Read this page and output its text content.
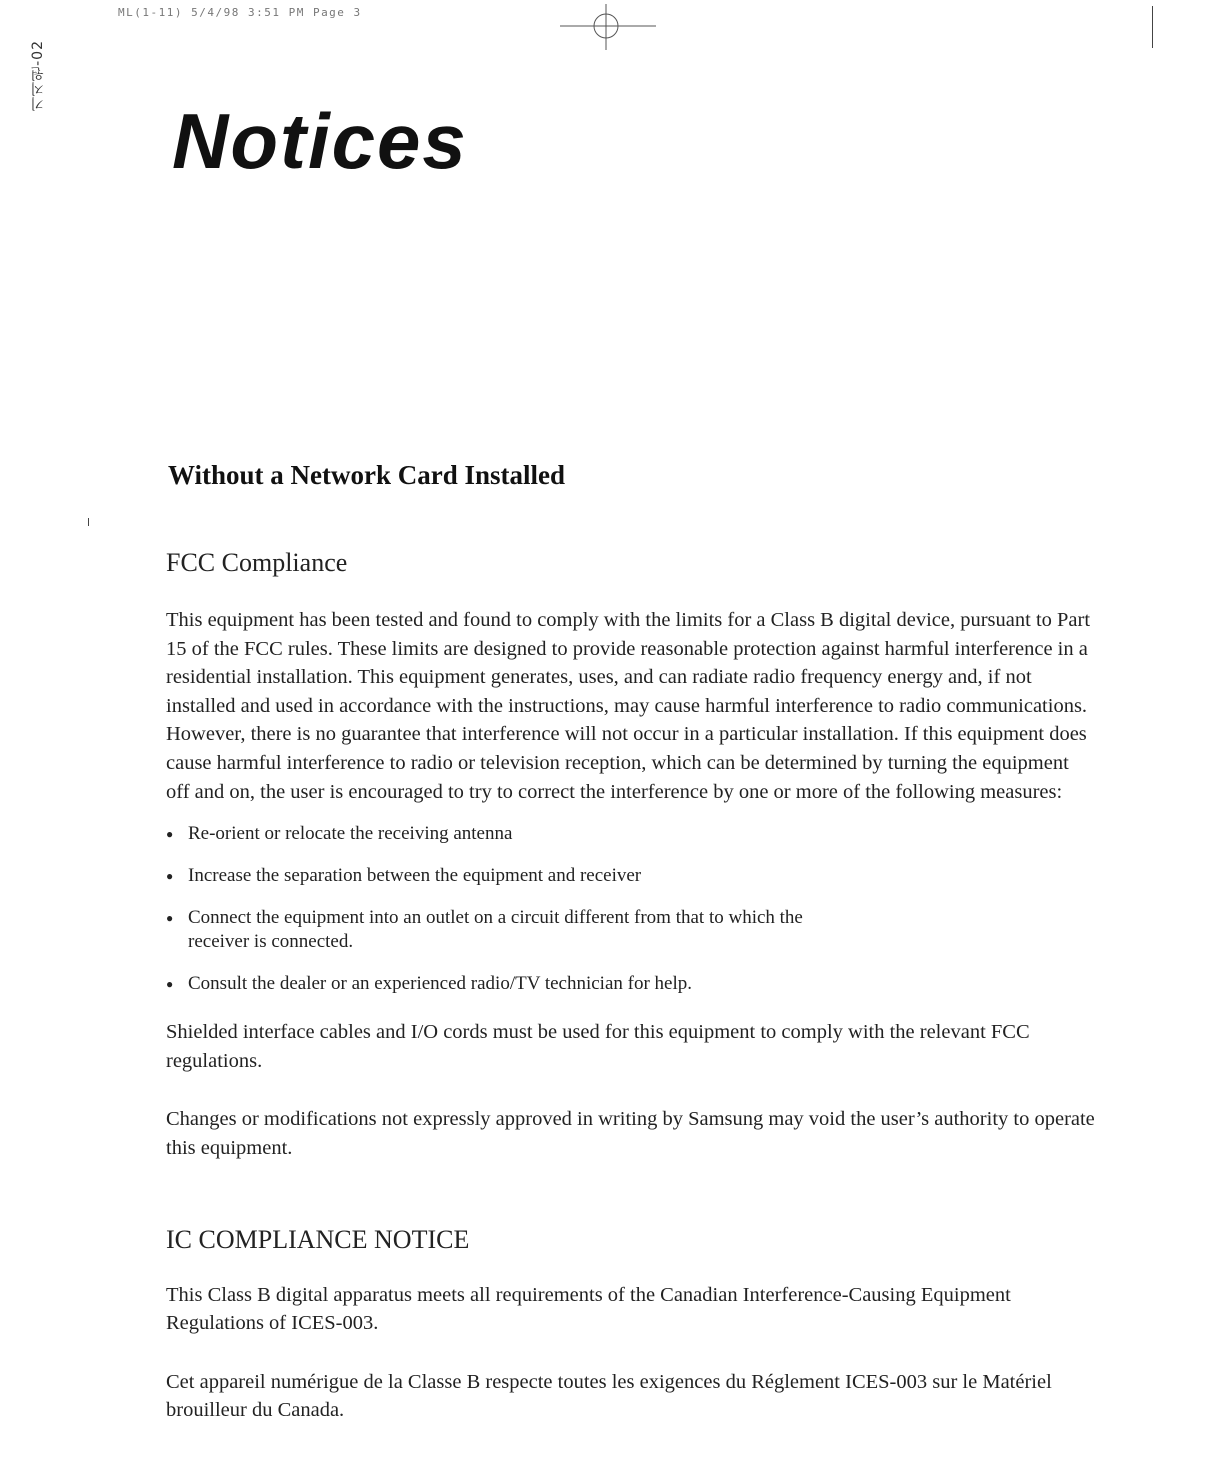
ML(1-11) 5/4/98 3:51 PM Page 3
기지원-02
Notices
Without a Network Card Installed
FCC Compliance

This equipment has been tested and found to comply with the limits for a Class B digital device, pursuant to Part 15 of the FCC rules. These limits are designed to provide reasonable protection against harmful interference in a residential installation. This equipment generates, uses, and can radiate radio frequency energy and, if not installed and used in accordance with the instructions, may cause harmful interference to radio communications. However, there is no guarantee that interference will not occur in a particular installation. If this equipment does cause harmful interference to radio or television reception, which can be determined by turning the equipment off and on, the user is encouraged to try to correct the interference by one or more of the following measures:

● Re-orient or relocate the receiving antenna
● Increase the separation between the equipment and receiver
● Connect the equipment into an outlet on a circuit different from that to which the receiver is connected.
● Consult the dealer or an experienced radio/TV technician for help.

Shielded interface cables and I/O cords must be used for this equipment to comply with the relevant FCC regulations.

Changes or modifications not expressly approved in writing by Samsung may void the user’s authority to operate this equipment.

IC COMPLIANCE NOTICE

This Class B digital apparatus meets all requirements of the Canadian Interference-Causing Equipment Regulations of ICES-003.

Cet appareil numérigue de la Classe B respecte toutes les exigences du Réglement ICES-003 sur le Matériel brouilleur du Canada.
